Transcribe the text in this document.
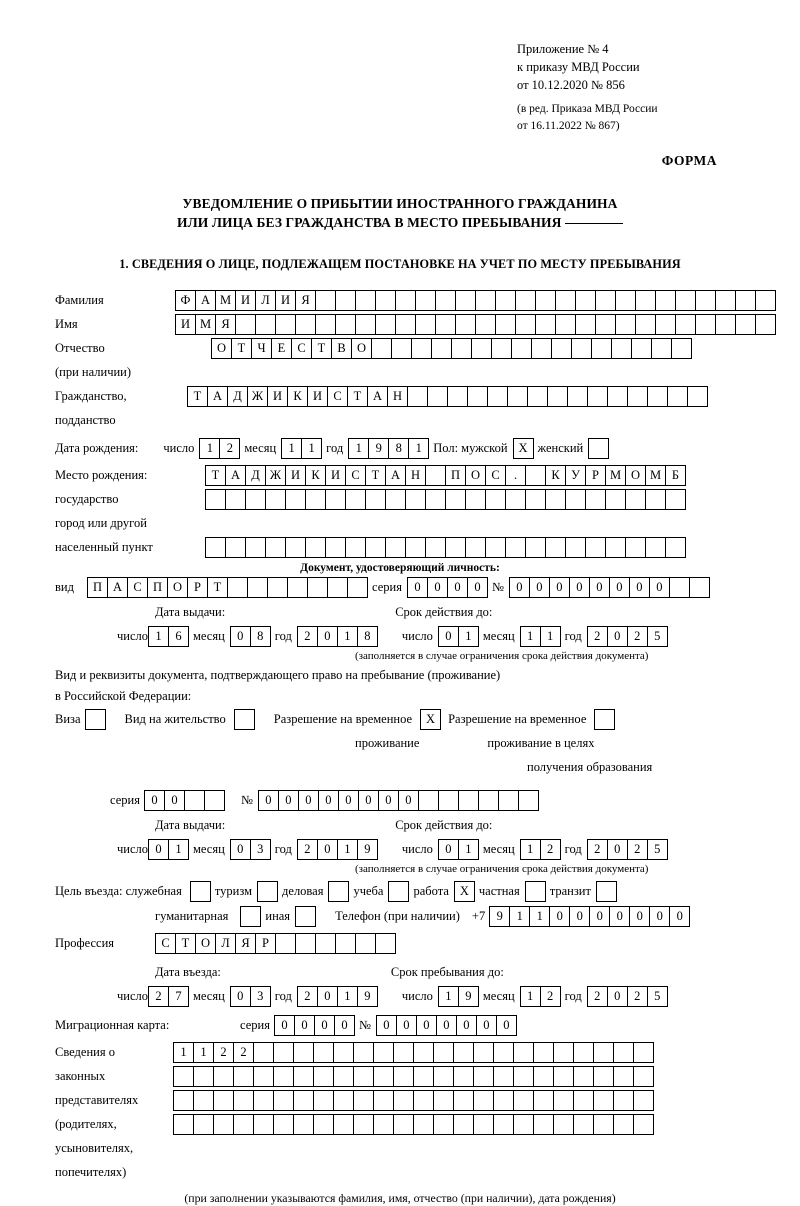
Приложение № 4
к приказу МВД России
от 10.12.2020 № 856
(в ред. Приказа МВД России
от 16.11.2022 № 867)
ФОРМА
УВЕДОМЛЕНИЕ О ПРИБЫТИИ ИНОСТРАННОГО ГРАЖДАНИНА
ИЛИ ЛИЦА БЕЗ ГРАЖДАНСТВА В МЕСТО ПРЕБЫВАНИЯ
1. СВЕДЕНИЯ О ЛИЦЕ, ПОДЛЕЖАЩЕМ ПОСТАНОВКЕ НА УЧЕТ ПО МЕСТУ ПРЕБЫВАНИЯ
Фамилия	Ф А М И Л И Я
Имя	И М Я
Отчество	О Т Ч Е С Т В О
(при наличии)
Гражданство,	Т А Д Ж И К И С Т А Н
подданство
Дата рождения:	число 1	2 месяц 1	1 год 1	9	8	1 Пол: мужской X женский
Место рождения:	Т А Д Ж И К И С Т А Н	П О С	.	К У Р М О М Б
государство
город или другой
населенный пункт
Документ, удостоверяющий личность:
вид	П А С П О Р	Т	серия 0	0	0	0 № 0	0	0	0	0	0	0	0
Дата выдачи:	Срок действия до:
число 1	6 месяц 0	8 год 2	0	1	8	число 0	1 месяц 1	1 год 2	0	2	5
(заполняется в случае ограничения срока действия документа)
Вид и реквизиты документа, подтверждающего право на пребывание (проживание)
в Российской Федерации:
Виза	Вид на жительство	Разрешение на временное	X	Разрешение на временное
проживание	проживание в целях
получения образования
серия 0	0	№ 0	0	0	0	0	0	0	0
Дата выдачи:	Срок действия до:
число 0	1 месяц 0	3 год 2	0	1	9	число 0	1 месяц 1	2 год 2	0	2	5
(заполняется в случае ограничения срока действия документа)
Цель въезда: служебная	туризм	деловая	учеба	работа X частная	транзит
гуманитарная	иная	Телефон (при наличии) +7 9	1	1	0	0	0	0	0	0	0
Профессия	С Т О Л Я Р
Дата въезда:	Срок пребывания до:
число 2	7 месяц 0	3 год 2	0	1	9	число 1	9 месяц 1	2 год 2	0	2	5
Миграционная карта:	серия 0	0	0	0 № 0	0	0	0	0	0	0
Сведения о	1	1	2	2
законных
представителях
(родителях,
усыновителях,
попечителях)
(при заполнении указываются фамилия, имя, отчество (при наличии), дата рождения)
